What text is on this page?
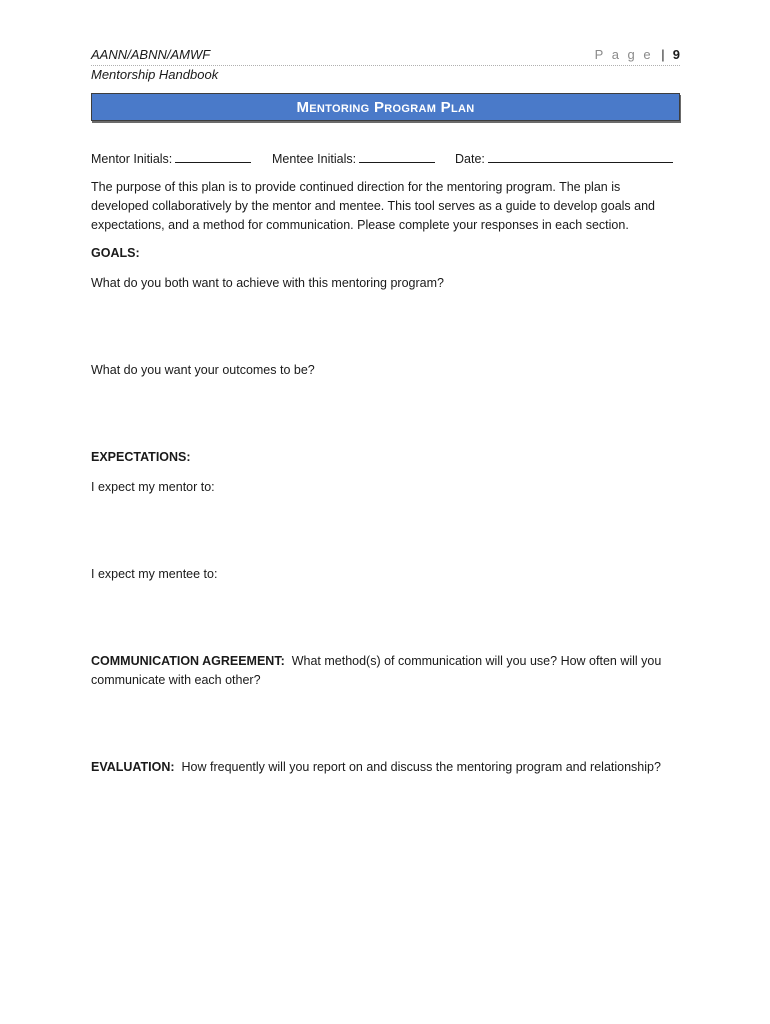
AANN/ABNN/AMWF
Mentorship Handbook
P a g e | 9
Mentoring Program Plan
Mentor Initials:	Mentee Initials:	Date:
The purpose of this plan is to provide continued direction for the mentoring program. The plan is developed collaboratively by the mentor and mentee. This tool serves as a guide to develop goals and expectations, and a method for communication. Please complete your responses in each section.
GOALS:
What do you both want to achieve with this mentoring program?
What do you want your outcomes to be?
EXPECTATIONS:
I expect my mentor to:
I expect my mentee to:
COMMUNICATION AGREEMENT: What method(s) of communication will you use? How often will you communicate with each other?
EVALUATION: How frequently will you report on and discuss the mentoring program and relationship?
